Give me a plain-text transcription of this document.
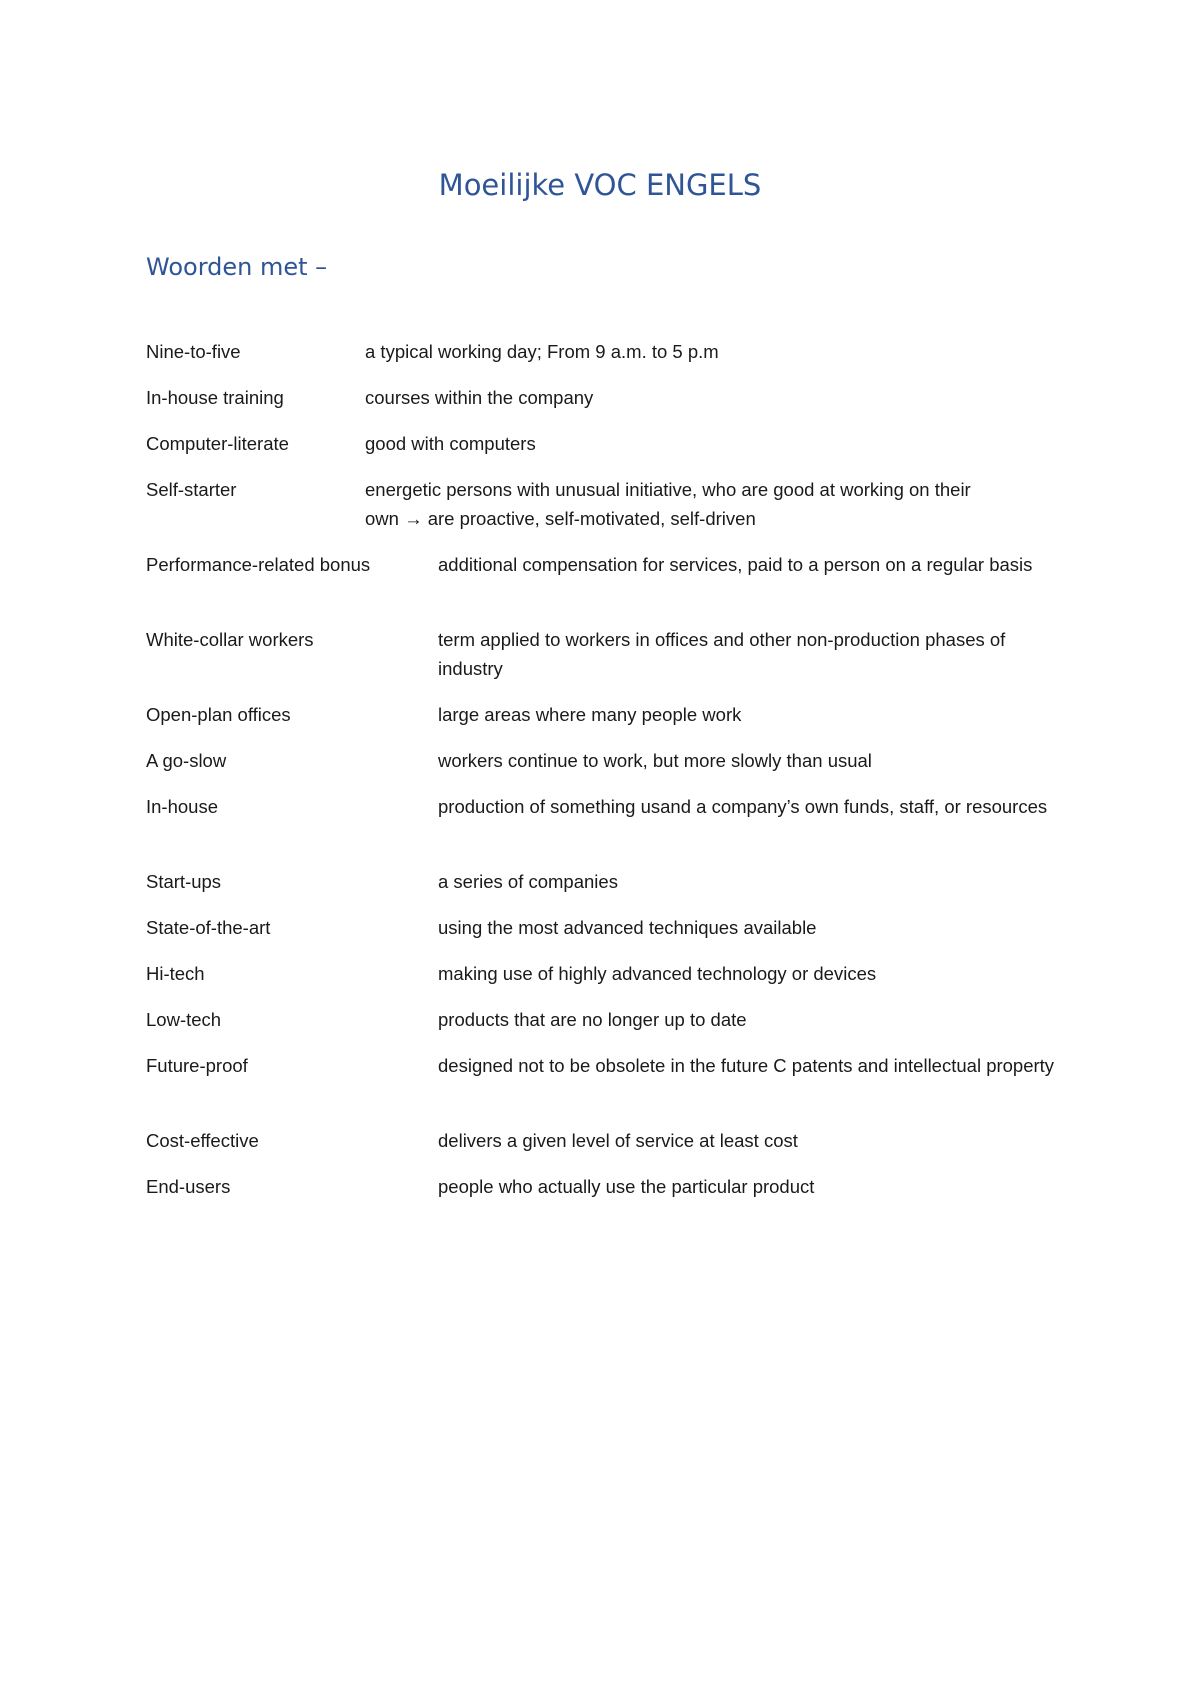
Moeilijke VOC ENGELS
Woorden met –
Nine-to-five	a typical working day; From 9 a.m. to 5 p.m
In-house training	courses within the company
Computer-literate	good with computers
Self-starter	energetic persons with unusual initiative, who are good at working on their
own → are proactive, self-motivated, self-driven
Performance-related bonus	additional compensation for services, paid to a person on a regular basis
White-collar workers	term applied to workers in offices and other non-production phases of industry
Open-plan offices	large areas where many people work
A go-slow	workers continue to work, but more slowly than usual
In-house	production of something usand a company’s own funds, staff, or resources
Start-ups	a series of companies
State-of-the-art	using the most advanced techniques available
Hi-tech	making use of highly advanced technology or devices
Low-tech	products that are no longer up to date
Future-proof	designed not to be obsolete in the future C patents and intellectual property
Cost-effective	delivers a given level of service at least cost
End-users	people who actually use the particular product
